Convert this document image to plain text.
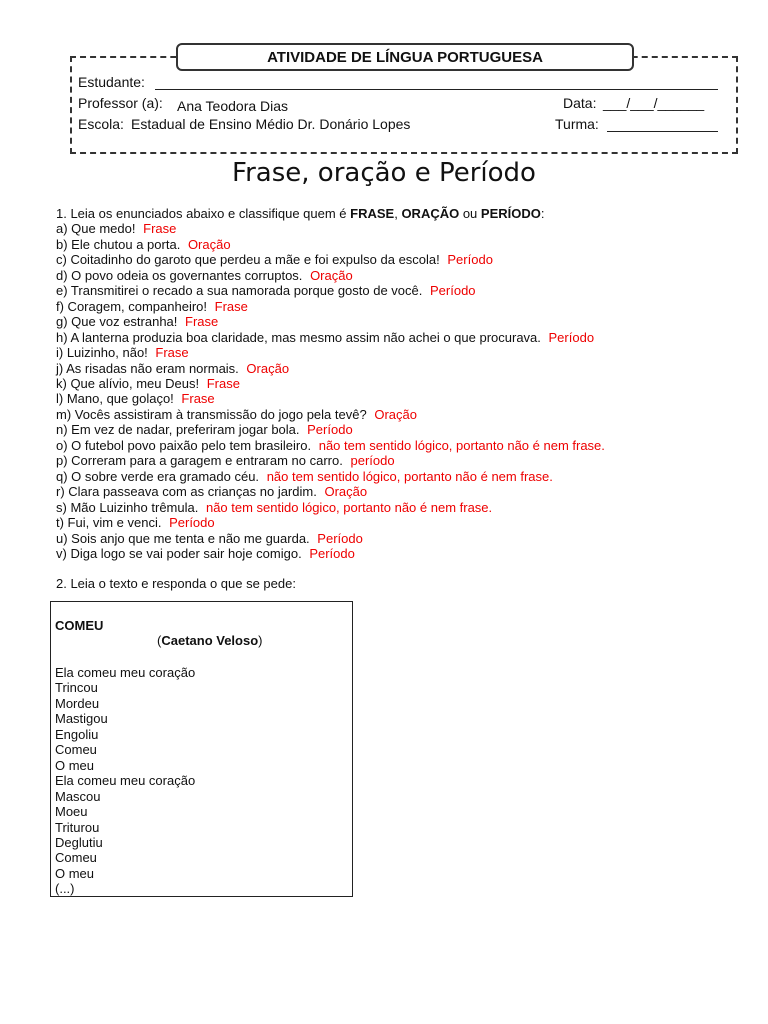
ATIVIDADE DE LÍNGUA PORTUGUESA
Estudante:
Professor (a): Ana Teodora Dias	Data: ___/___/______
Escola: Estadual de Ensino Médio Dr. Donário Lopes	Turma:
Frase, oração e Período
1. Leia os enunciados abaixo e classifique quem é FRASE, ORAÇÃO ou PERÍODO:
a) Que medo! Frase
b) Ele chutou a porta. Oração
c) Coitadinho do garoto que perdeu a mãe e foi expulso da escola! Período
d) O povo odeia os governantes corruptos. Oração
e) Transmitirei o recado a sua namorada porque gosto de você. Período
f) Coragem, companheiro! Frase
g) Que voz estranha! Frase
h) A lanterna produzia boa claridade, mas mesmo assim não achei o que procurava. Período
i) Luizinho, não! Frase
j) As risadas não eram normais. Oração
k) Que alívio, meu Deus! Frase
l) Mano, que golaço! Frase
m) Vocês assistiram à transmissão do jogo pela tevê? Oração
n) Em vez de nadar, preferiram jogar bola. Período
o) O futebol povo paixão pelo tem brasileiro. não tem sentido lógico, portanto não é nem frase.
p) Correram para a garagem e entraram no carro. período
q) O sobre verde era gramado céu. não tem sentido lógico, portanto não é nem frase.
r) Clara passeava com as crianças no jardim. Oração
s) Mão Luizinho trêmula. não tem sentido lógico, portanto não é nem frase.
t) Fui, vim e venci. Período
u) Sois anjo que me tenta e não me guarda. Período
v) Diga logo se vai poder sair hoje comigo. Período
2. Leia o texto e responda o que se pede:
COMEU
(Caetano Veloso)
Ela comeu meu coração
Trincou
Mordeu
Mastigou
Engoliu
Comeu
O meu
Ela comeu meu coração
Mascou
Moeu
Triturou
Deglutiu
Comeu
O meu
(...)
